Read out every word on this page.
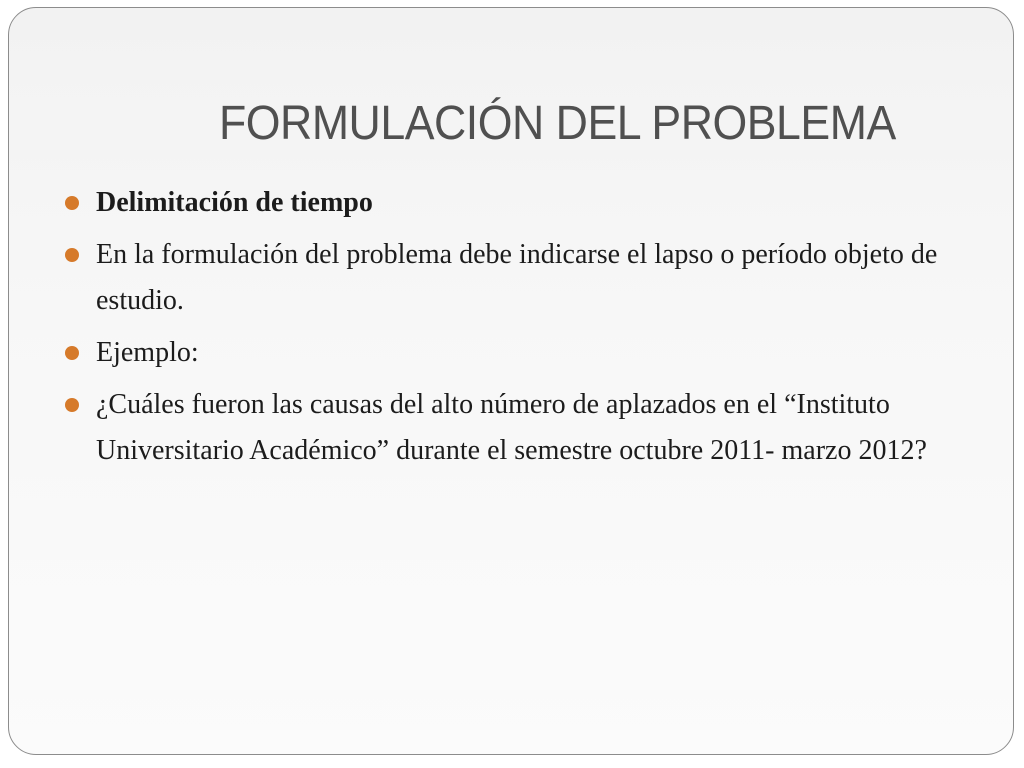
FORMULACIÓN DEL PROBLEMA
Delimitación de tiempo
En la formulación del problema debe indicarse el lapso o período objeto de estudio.
Ejemplo:
¿Cuáles fueron las causas del alto número de aplazados en el “Instituto Universitario Académico” durante el semestre octubre 2011- marzo 2012?
